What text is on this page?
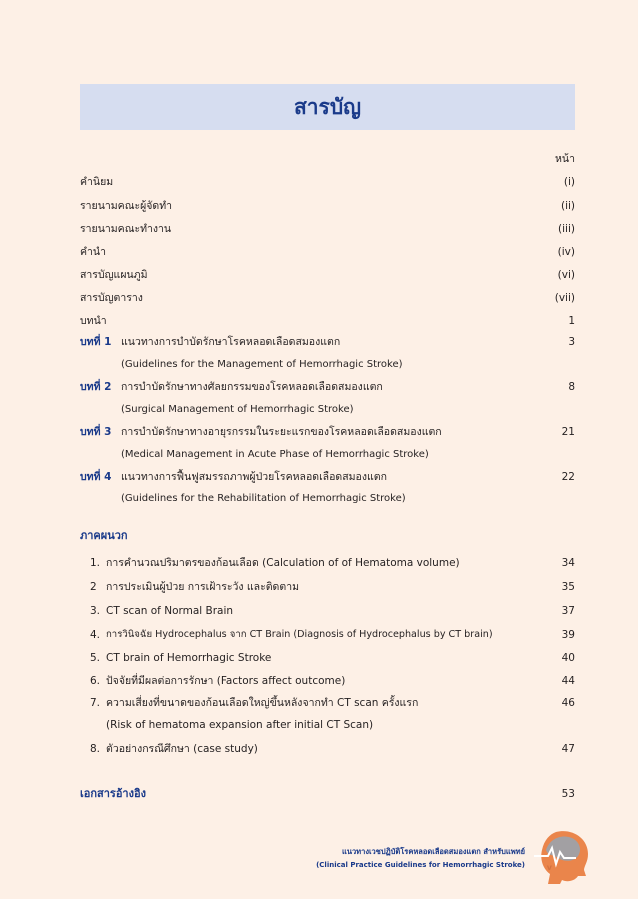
สารบัญ
หน้า
คำนิยม	(i)
รายนามคณะผู้จัดทำ	(ii)
รายนามคณะทำงาน	(iii)
คำนำ	(iv)
สารบัญแผนภูมิ	(vi)
สารบัญตาราง	(vii)
บทนำ	1
บทที่ 1 แนวทางการบำบัดรักษาโรคหลอดเลือดสมองแตก	3
(Guidelines for the Management of Hemorrhagic Stroke)
บทที่ 2 การบำบัดรักษาทางศัลยกรรมของโรคหลอดเลือดสมองแตก	8
(Surgical Management of Hemorrhagic Stroke)
บทที่ 3 การบำบัดรักษาทางอายุรกรรมในระยะแรกของโรคหลอดเลือดสมองแตก	21
(Medical Management in Acute Phase of Hemorrhagic Stroke)
บทที่ 4 แนวทางการฟื้นฟูสมรรถภาพผู้ป่วยโรคหลอดเลือดสมองแตก	22
(Guidelines for the Rehabilitation of Hemorrhagic Stroke)
ภาคผนวก
1. การคำนวณปริมาตรของก้อนเลือด (Calculation of of Hematoma volume)	34
2 การประเมินผู้ป่วย การเฝ้าระวัง และติดตาม	35
3. CT scan of Normal Brain	37
4. การวินิจฉัย Hydrocephalus จาก CT Brain (Diagnosis of Hydrocephalus by CT brain)	39
5. CT brain of Hemorrhagic Stroke	40
6. ปัจจัยที่มีผลต่อการรักษา (Factors affect outcome)	44
7. ความเสี่ยงที่ขนาดของก้อนเลือดใหญ่ขึ้นหลังจากทำ CT scan ครั้งแรก	46
(Risk of hematoma expansion after initial CT Scan)
8. ตัวอย่างกรณีศึกษา (case study)	47
เอกสารอ้างอิง	53
แนวทางเวชปฏิบัติโรคหลอดเลือดสมองแตก สำหรับแพทย์
(Clinical Practice Guidelines for Hemorrhagic Stroke)
